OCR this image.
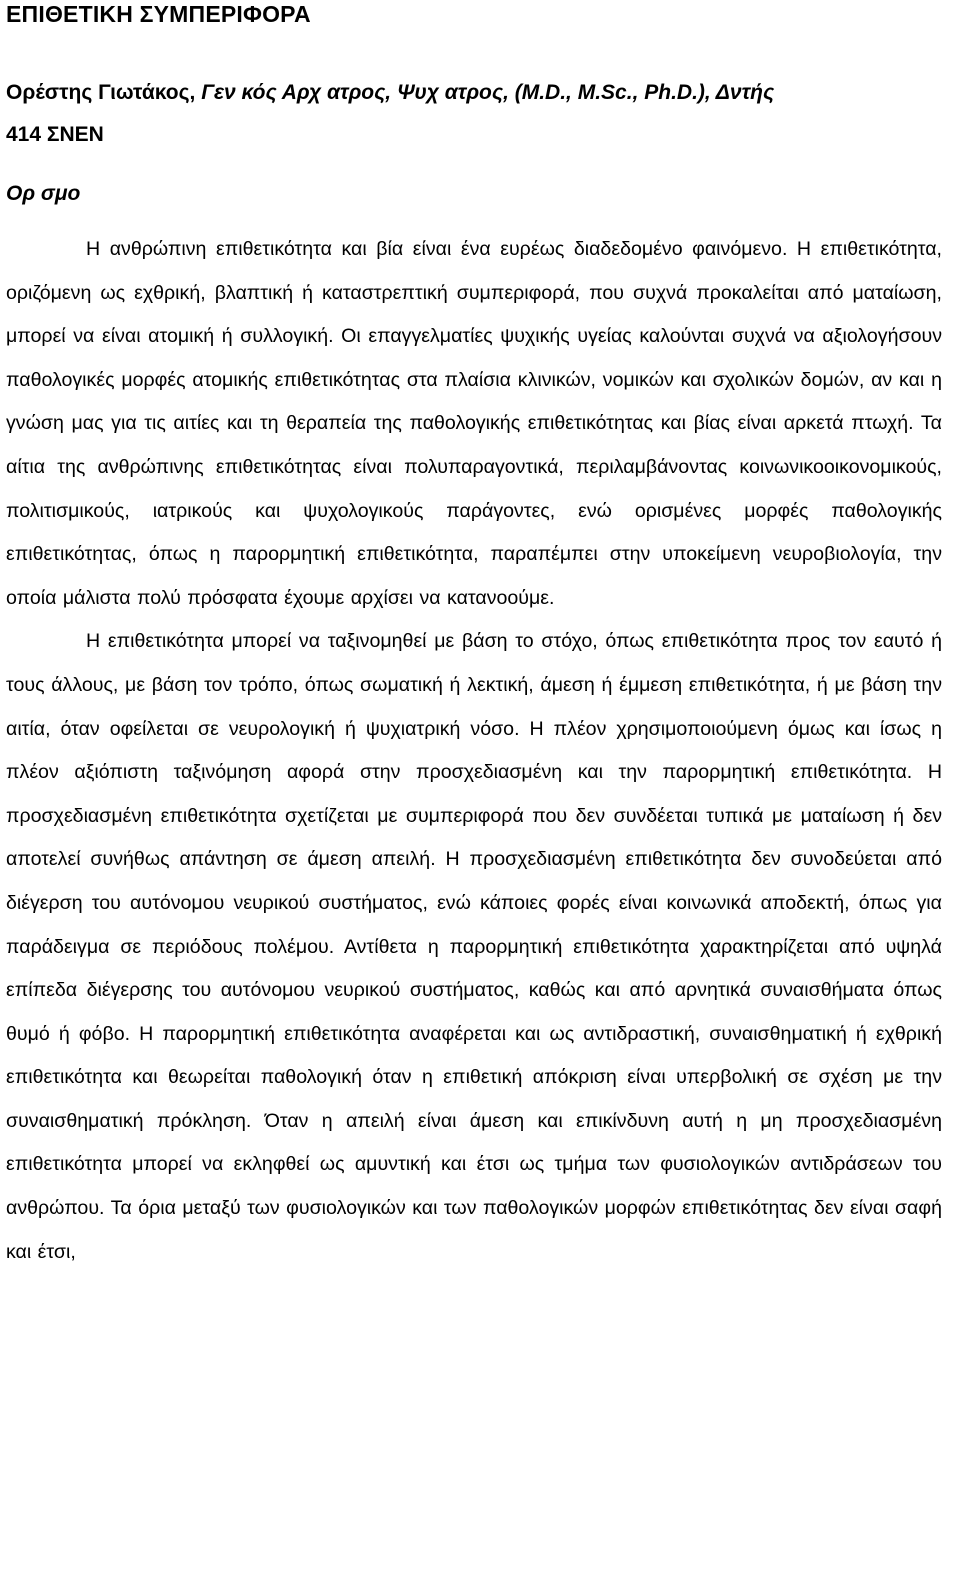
ΕΠΙΘΕΤΙΚΗ ΣΥΜΠΕΡΙΦΟΡΑ
Ορέστης Γιωτάκος, Γεν κός Αρχ ατρος, Ψυχ ατρος, (M.D., M.Sc., Ph.D.), Δντής
414 ΣΝΕΝ
Ορ σμο

Η ανθρώπινη επιθετικότητα και βία είναι ένα ευρέως διαδεδομένο φαινόμενο. Η επιθετικότητα, οριζόμενη ως εχθρική, βλαπτική ή καταστρεπτική συμπεριφορά, που συχνά προκαλείται από ματαίωση, μπορεί να είναι ατομική ή συλλογική. Οι επαγγελματίες ψυχικής υγείας καλούνται συχνά να αξιολογήσουν παθολογικές μορφές ατομικής επιθετικότητας στα πλαίσια κλινικών, νομικών και σχολικών δομών, αν και η γνώση μας για τις αιτίες και τη θεραπεία της παθολογικής επιθετικότητας και βίας είναι αρκετά πτωχή. Τα αίτια της ανθρώπινης επιθετικότητας είναι πολυπαραγοντικά, περιλαμβάνοντας κοινωνικοοικονομικούς, πολιτισμικούς, ιατρικούς και ψυχολογικούς παράγοντες, ενώ ορισμένες μορφές παθολογικής επιθετικότητας, όπως η παρορμητική επιθετικότητα, παραπέμπει στην υποκείμενη νευροβιολογία, την οποία μάλιστα πολύ πρόσφατα έχουμε αρχίσει να κατανοούμε.

Η επιθετικότητα μπορεί να ταξινομηθεί με βάση το στόχο, όπως επιθετικότητα προς τον εαυτό ή τους άλλους, με βάση τον τρόπο, όπως σωματική ή λεκτική, άμεση ή έμμεση επιθετικότητα, ή με βάση την αιτία, όταν οφείλεται σε νευρολογική ή ψυχιατρική νόσο. Η πλέον χρησιμοποιούμενη όμως και ίσως η πλέον αξιόπιστη ταξινόμηση αφορά στην προσχεδιασμένη και την παρορμητική επιθετικότητα. Η προσχεδιασμένη επιθετικότητα σχετίζεται με συμπεριφορά που δεν συνδέεται τυπικά με ματαίωση ή δεν αποτελεί συνήθως απάντηση σε άμεση απειλή. Η προσχεδιασμένη επιθετικότητα δεν συνοδεύεται από διέγερση του αυτόνομου νευρικού συστήματος, ενώ κάποιες φορές είναι κοινωνικά αποδεκτή, όπως για παράδειγμα σε περιόδους πολέμου. Αντίθετα η παρορμητική επιθετικότητα χαρακτηρίζεται από υψηλά επίπεδα διέγερσης του αυτόνομου νευρικού συστήματος, καθώς και από αρνητικά συναισθήματα όπως θυμό ή φόβο. Η παρορμητική επιθετικότητα αναφέρεται και ως αντιδραστική, συναισθηματική ή εχθρική επιθετικότητα και θεωρείται παθολογική όταν η επιθετική απόκριση είναι υπερβολική σε σχέση με την συναισθηματική πρόκληση. Όταν η απειλή είναι άμεση και επικίνδυνη αυτή η μη προσχεδιασμένη επιθετικότητα μπορεί να εκληφθεί ως αμυντική και έτσι ως τμήμα των φυσιολογικών αντιδράσεων του ανθρώπου. Τα όρια μεταξύ των φυσιολογικών και των παθολογικών μορφών επιθετικότητας δεν είναι σαφή και έτσι,
